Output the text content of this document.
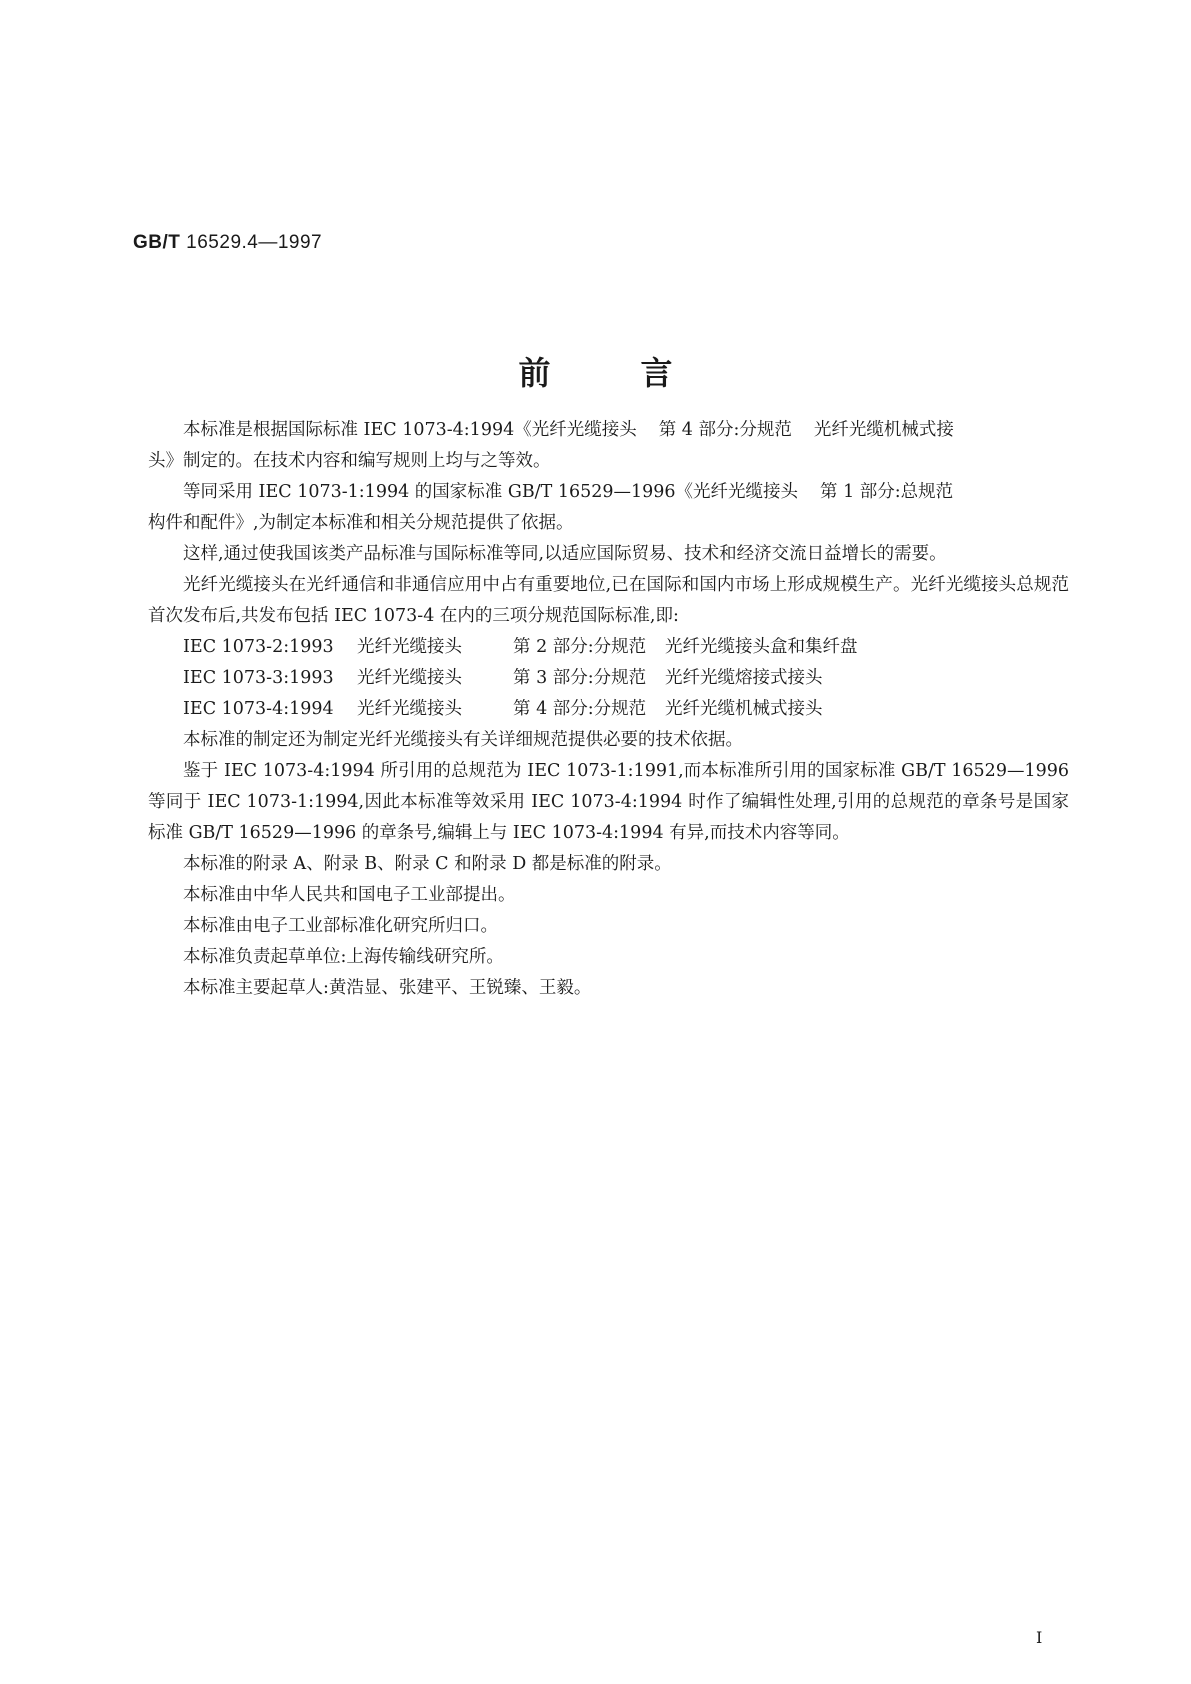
GB/T 16529.4—1997
前	言

本标准是根据国际标准 IEC 1073-4:1994《光纤光缆接头 第 4 部分:分规范 光纤光缆机械式接

头》制定的。在技术内容和编写规则上均与之等效。

等同采用 IEC 1073-1:1994 的国家标准 GB/T 16529—1996《光纤光缆接头 第 1 部分:总规范

构件和配件》,为制定本标准和相关分规范提供了依据。

这样,通过使我国该类产品标准与国际标准等同,以适应国际贸易、技术和经济交流日益增长的需要。

光纤光缆接头在光纤通信和非通信应用中占有重要地位,已在国际和国内市场上形成规模生产。光纤光缆接头总规范首次发布后,共发布包括 IEC 1073-4 在内的三项分规范国际标准,即:

IEC 1073-2:1993 光纤光缆接头	第 2 部分:分规范 光纤光缆接头盒和集纤盘

IEC 1073-3:1993 光纤光缆接头	第 3 部分:分规范 光纤光缆熔接式接头

IEC 1073-4:1994 光纤光缆接头	第 4 部分:分规范 光纤光缆机械式接头

本标准的制定还为制定光纤光缆接头有关详细规范提供必要的技术依据。

鉴于 IEC 1073-4:1994 所引用的总规范为 IEC 1073-1:1991,而本标准所引用的国家标准 GB/T 16529—1996等同于 IEC 1073-1:1994,因此本标准等效采用 IEC 1073-4:1994 时作了编辑性处理,引用的总规范的章条号是国家标准 GB/T 16529—1996 的章条号,编辑上与 IEC 1073-4:1994 有异,而技术内容等同。

本标准的附录 A、附录 B、附录 C 和附录 D 都是标准的附录。

本标准由中华人民共和国电子工业部提出。

本标准由电子工业部标准化研究所归口。

本标准负责起草单位:上海传输线研究所。

本标准主要起草人:黄浩显、张建平、王锐臻、王毅。

I
